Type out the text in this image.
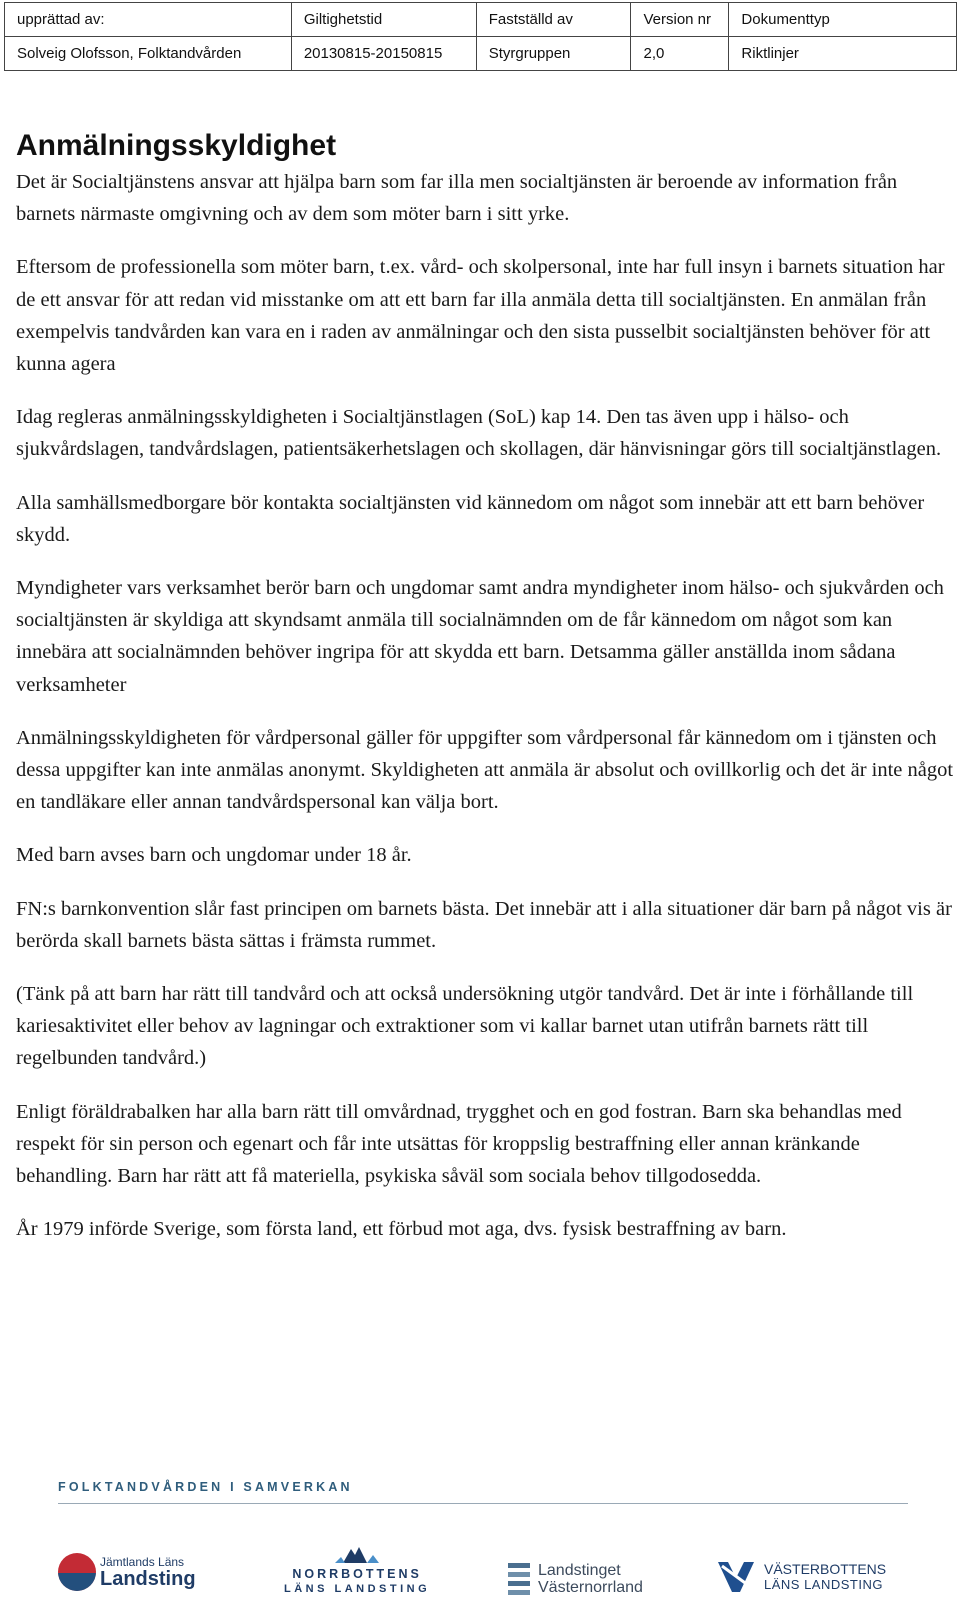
upprättad av:	Giltighetstid	Fastställd av	Version nr	Dokumenttyp
Solveig Olofsson, Folktandvården	20130815-20150815	Styrgruppen	2,0	Riktlinjer
Anmälningsskyldighet

Det är Socialtjänstens ansvar att hjälpa barn som far illa men socialtjänsten är beroende av information från barnets närmaste omgivning och av dem som möter barn i sitt yrke.

Eftersom de professionella som möter barn, t.ex. vård- och skolpersonal, inte har full insyn i barnets situation har de ett ansvar för att redan vid misstanke om att ett barn far illa anmäla detta till socialtjänsten. En anmälan från exempelvis tandvården kan vara en i raden av anmälningar och den sista pusselbit socialtjänsten behöver för att kunna agera

Idag regleras anmälningsskyldigheten i Socialtjänstlagen (SoL) kap 14. Den tas även upp i hälso- och sjukvårdslagen, tandvårdslagen, patientsäkerhetslagen och skollagen, där hänvisningar görs till socialtjänstlagen.

Alla samhällsmedborgare bör kontakta socialtjänsten vid kännedom om något som innebär att ett barn behöver skydd.

Myndigheter vars verksamhet berör barn och ungdomar samt andra myndigheter inom hälso- och sjukvården och socialtjänsten är skyldiga att skyndsamt anmäla till socialnämnden om de får kännedom om något som kan innebära att socialnämnden behöver ingripa för att skydda ett barn. Detsamma gäller anställda inom sådana verksamheter

Anmälningsskyldigheten för vårdpersonal gäller för uppgifter som vårdpersonal får kännedom om i tjänsten och dessa uppgifter kan inte anmälas anonymt. Skyldigheten att anmäla är absolut och ovillkorlig och det är inte något en tandläkare eller annan tandvårdspersonal kan välja bort.

Med barn avses barn och ungdomar under 18 år.

FN:s barnkonvention slår fast principen om barnets bästa. Det innebär att i alla situationer där barn på något vis är berörda skall barnets bästa sättas i främsta rummet.

(Tänk på att barn har rätt till tandvård och att också undersökning utgör tandvård. Det är inte i förhållande till kariesaktivitet eller behov av lagningar och extraktioner som vi kallar barnet utan utifrån barnets rätt till regelbunden tandvård.)

Enligt föräldrabalken har alla barn rätt till omvårdnad, trygghet och en god fostran. Barn ska behandlas med respekt för sin person och egenart och får inte utsättas för kroppslig bestraffning eller annan kränkande behandling. Barn har rätt att få materiella, psykiska såväl som sociala behov tillgodosedda.

År 1979 införde Sverige, som första land, ett förbud mot aga, dvs. fysisk bestraffning av barn.

FOLKTANDVÅRDEN I SAMVERKAN
Jämtlands Läns
Landsting	NORRBOTTENS
LÄNS LANDSTING
Landstinget
Västernorrland
VÄSTERBOTTENS
LÄNS LANDSTING
